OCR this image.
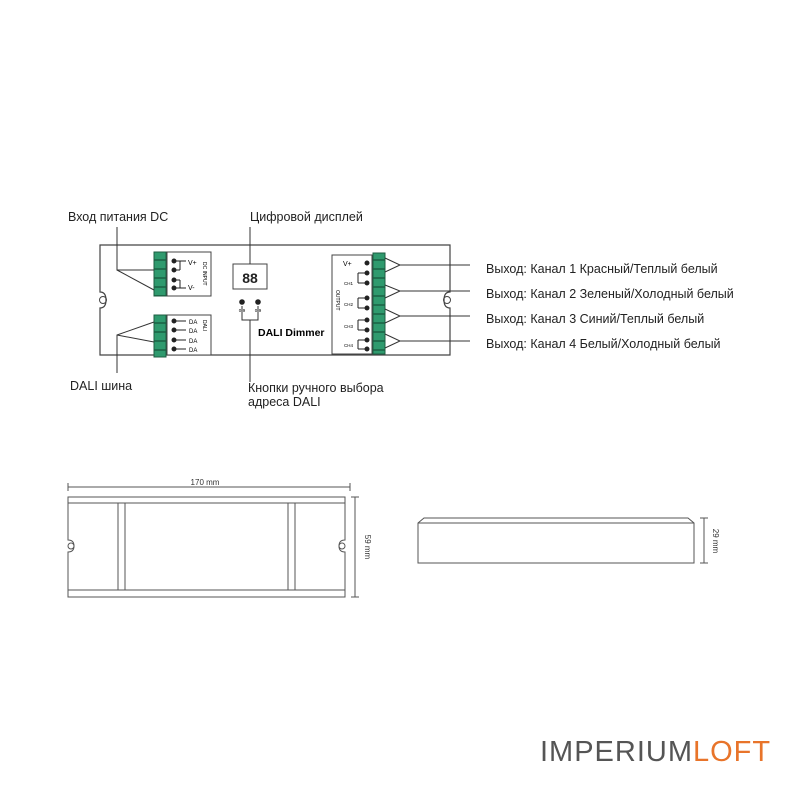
Вход питания DC	Цифровой дисплей
DALI шина	Кнопки ручного выбора
адреса DALI
Выход: Канал 1 Красный/Теплый белый
Выход: Канал 2 Зеленый/Холодный белый
Выход: Канал 3 Синий/Теплый белый
Выход: Канал 4 Белый/Холодный белый
V+
V-
DC INPUT
DA
DA
DA
DA
DALI
88
0-9 0-9
DALI Dimmer
V+
CH1
CH2
CH3
CH4
OUTPUT
170 mm
59 mm	29 mm
IMPERIUMLOFT
